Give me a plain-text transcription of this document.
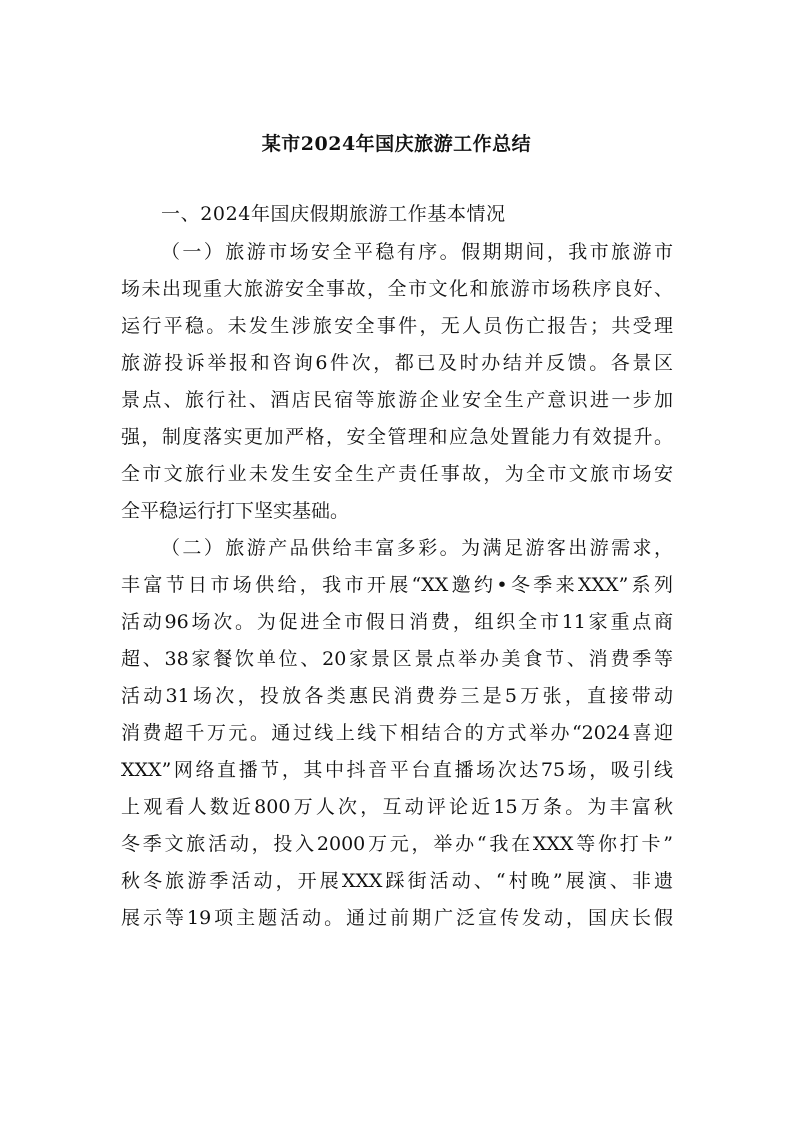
某市2024年国庆旅游工作总结
一、2024年国庆假期旅游工作基本情况
（一）旅游市场安全平稳有序。假期期间，我市旅游市
场未出现重大旅游安全事故，全市文化和旅游市场秩序良好、
运行平稳。未发生涉旅安全事件，无人员伤亡报告；共受理
旅游投诉举报和咨询6件次，都已及时办结并反馈。各景区
景点、旅行社、酒店民宿等旅游企业安全生产意识进一步加
强，制度落实更加严格，安全管理和应急处置能力有效提升。
全市文旅行业未发生安全生产责任事故，为全市文旅市场安
全平稳运行打下坚实基础。
（二）旅游产品供给丰富多彩。为满足游客出游需求，
丰富节日市场供给，我市开展“XX邀约•冬季来XXX”系列
活动96场次。为促进全市假日消费，组织全市11家重点商
超、38家餐饮单位、20家景区景点举办美食节、消费季等
活动31场次，投放各类惠民消费券三是5万张，直接带动
消费超千万元。通过线上线下相结合的方式举办“2024喜迎
XXX”网络直播节，其中抖音平台直播场次达75场，吸引线
上观看人数近800万人次，互动评论近15万条。为丰富秋
冬季文旅活动，投入2000万元，举办“我在XXX等你打卡”
秋冬旅游季活动，开展XXX踩街活动、“村晚”展演、非遗
展示等19项主题活动。通过前期广泛宣传发动，国庆长假
